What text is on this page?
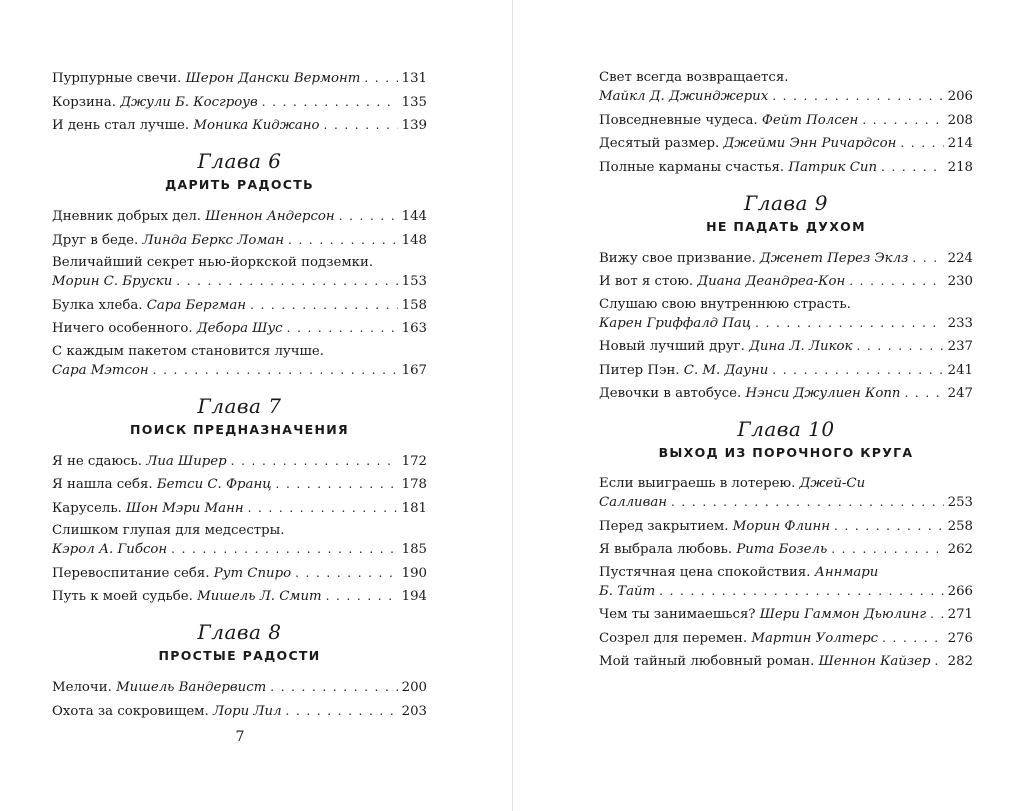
Пурпурные свечи. Шерон Дански Вермонт . . .	131
Корзина. Джули Б. Косгроув . . .	135
И день стал лучше. Моника Киджано . . .	139
Глава 6
ДАРИТЬ РАДОСТЬ
Дневник добрых дел. Шеннон Андерсон . . .	144
Друг в беде. Линда Беркс Ломан . . .	148
Величайший секрет нью-йоркской подземки.
Морин С. Бруски . . .	153
Булка хлеба. Сара Бергман . . .	158
Ничего особенного. Дебора Шус . . .	163
С каждым пакетом становится лучше.
Сара Мэтсон . . .	167
Глава 7
ПОИСК ПРЕДНАЗНАЧЕНИЯ
Я не сдаюсь. Лиа Ширер . . .	172
Я нашла себя. Бетси С. Франц . . .	178
Карусель. Шон Мэри Манн . . .	181
Слишком глупая для медсестры.
Кэрол А. Гибсон . . .	185
Перевоспитание себя. Рут Спиро . . .	190
Путь к моей судьбе. Мишель Л. Смит . . .	194
Глава 8
ПРОСТЫЕ РАДОСТИ
Мелочи. Мишель Вандервист . . .	200
Охота за сокровищем. Лори Лил . . .	203
7
Свет всегда возвращается.
Майкл Д. Джинджерих . . .	206
Повседневные чудеса. Фейт Полсен . . .	208
Десятый размер. Джейми Энн Ричардсон . . .	214
Полные карманы счастья. Патрик Сип . . .	218
Глава 9
НЕ ПАДАТЬ ДУХОМ
Вижу свое призвание. Дженет Перез Эклз . . .	224
И вот я стою. Диана Деандреа-Кон . . .	230
Слушаю свою внутреннюю страсть.
Карен Гриффалд Пац . . .	233
Новый лучший друг. Дина Л. Ликок . . .	237
Питер Пэн. С. М. Дауни . . .	241
Девочки в автобусе. Нэнси Джулиен Копп . . .	247
Глава 10
ВЫХОД ИЗ ПОРОЧНОГО КРУГА
Если выиграешь в лотерею. Джей-Си
Салливан . . .	253
Перед закрытием. Морин Флинн . . .	258
Я выбрала любовь. Рита Бозель . . .	262
Пустячная цена спокойствия. Аннмари
Б. Тайт . . .	266
Чем ты занимаешься? Шери Гаммон Дьюлинг . . . 271
Созрел для перемен. Мартин Уолтерс . . .	276
Мой тайный любовный роман. Шеннон Кайзер . . . 282
